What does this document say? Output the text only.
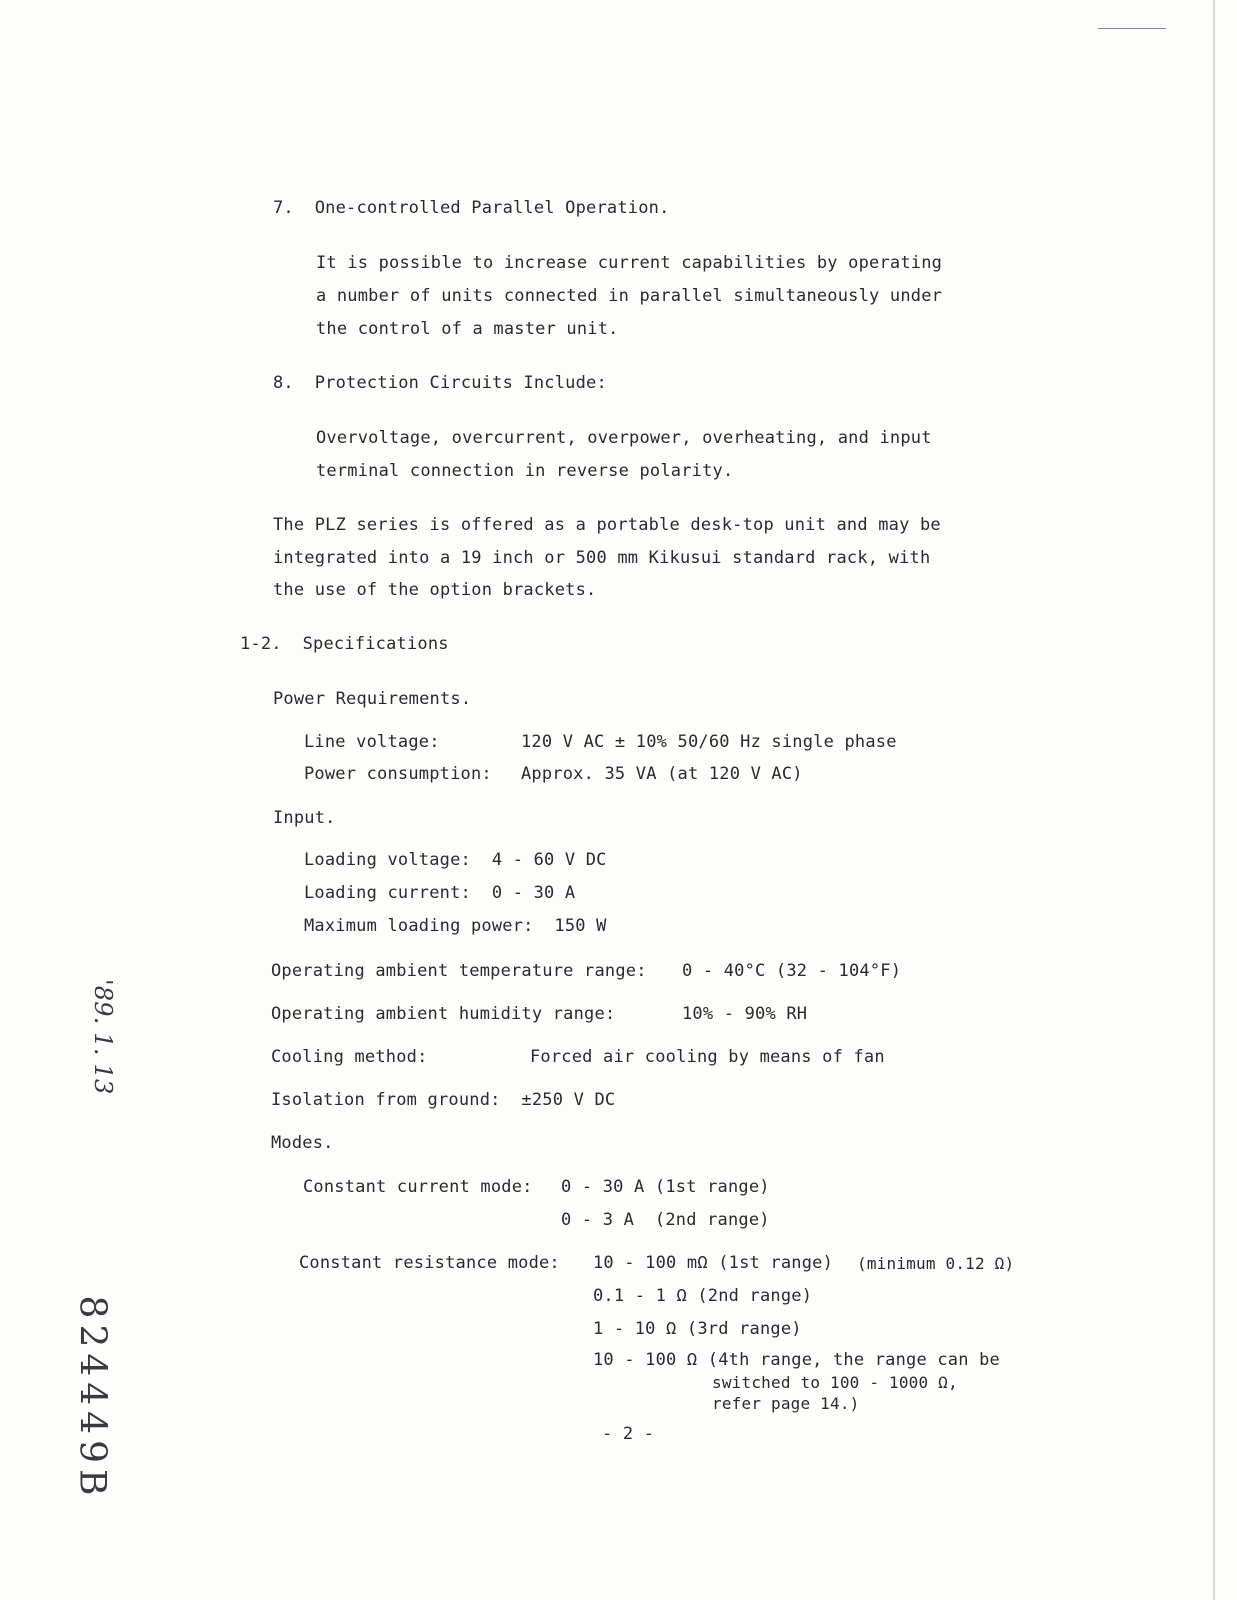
7.  One-controlled Parallel Operation.
It is possible to increase current capabilities by operating
a number of units connected in parallel simultaneously under
the control of a master unit.
8.  Protection Circuits Include:
Overvoltage, overcurrent, overpower, overheating, and input
terminal connection in reverse polarity.
The PLZ series is offered as a portable desk-top unit and may be
integrated into a 19 inch or 500 mm Kikusui standard rack, with
the use of the option brackets.
1-2.  Specifications
Power Requirements.
Line voltage:	120 V AC ± 10% 50/60 Hz single phase
Power consumption: Approx. 35 VA (at 120 V AC)
Input.
Loading voltage:  4 - 60 V DC
Loading current:  0 - 30 A
Maximum loading power:  150 W
Operating ambient temperature range: 0 - 40°C (32 - 104°F)
Operating ambient humidity range:	10% - 90% RH
Cooling method:	Forced air cooling by means of fan
Isolation from ground:  ±250 V DC
Modes.
Constant current mode: 0 - 30 A (1st range)
0 - 3 A  (2nd range)
Constant resistance mode: 10 - 100 mΩ (1st range) (minimum 0.12 Ω)
0.1 - 1 Ω (2nd range)
1 - 10 Ω (3rd range)
10 - 100 Ω (4th range, the range can be
switched to 100 - 1000 Ω,
refer page 14.)
- 2 -
'89. 1. 13
824449B
